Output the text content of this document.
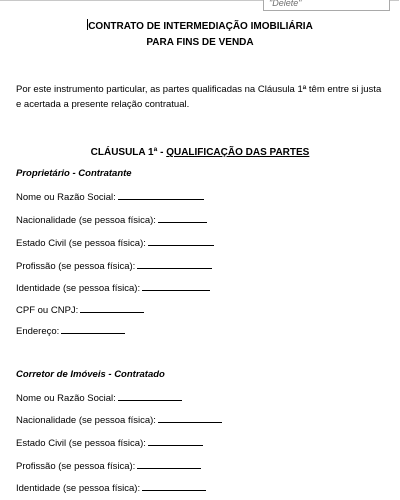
"Delete"
CONTRATO DE INTERMEDIAÇÃO IMOBILIÁRIA
PARA FINS DE VENDA
Por este instrumento particular, as partes qualificadas na Cláusula 1ª têm entre si justa
e acertada a presente relação contratual.
CLÁUSULA 1ª - QUALIFICAÇÃO DAS PARTES
Proprietário - Contratante
Nome ou Razão Social:
Nacionalidade (se pessoa física):
Estado Civil (se pessoa física):
Profissão (se pessoa física):
Identidade (se pessoa física):
CPF ou CNPJ:
Endereço:
Corretor de Imóveis - Contratado
Nome ou Razão Social:
Nacionalidade (se pessoa física):
Estado Civil (se pessoa física):
Profissão (se pessoa física):
Identidade (se pessoa física):
